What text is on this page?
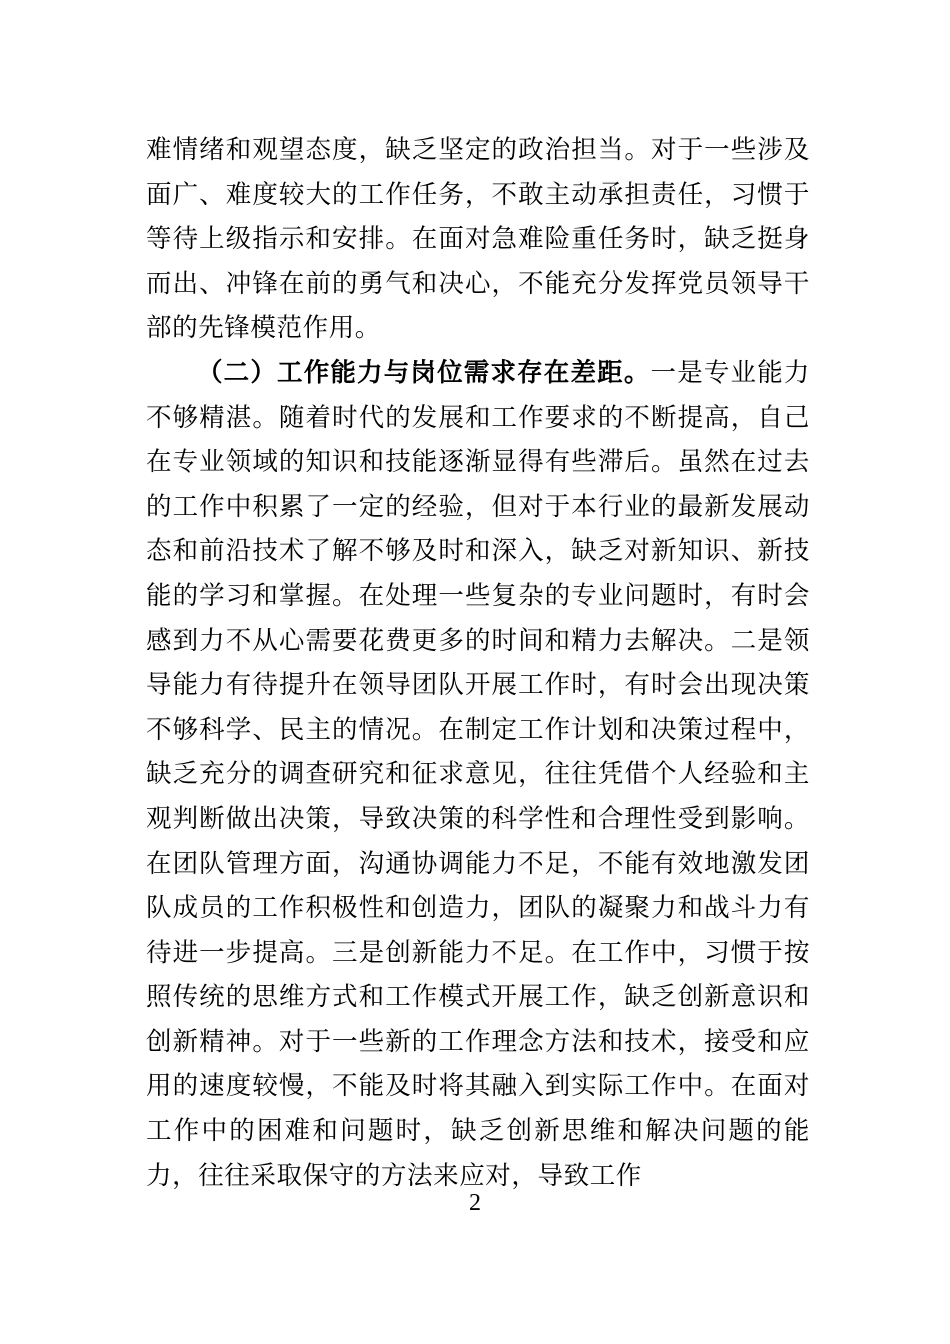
难情绪和观望态度，缺乏坚定的政治担当。对于一些涉及面广、难度较大的工作任务，不敢主动承担责任，习惯于等待上级指示和安排。在面对急难险重任务时，缺乏挺身而出、冲锋在前的勇气和决心，不能充分发挥党员领导干部的先锋模范作用。

（二）工作能力与岗位需求存在差距。一是专业能力不够精湛。随着时代的发展和工作要求的不断提高，自己在专业领域的知识和技能逐渐显得有些滞后。虽然在过去的工作中积累了一定的经验，但对于本行业的最新发展动态和前沿技术了解不够及时和深入，缺乏对新知识、新技能的学习和掌握。在处理一些复杂的专业问题时，有时会感到力不从心需要花费更多的时间和精力去解决。二是领导能力有待提升在领导团队开展工作时，有时会出现决策不够科学、民主的情况。在制定工作计划和决策过程中，缺乏充分的调查研究和征求意见，往往凭借个人经验和主观判断做出决策，导致决策的科学性和合理性受到影响。在团队管理方面，沟通协调能力不足，不能有效地激发团队成员的工作积极性和创造力，团队的凝聚力和战斗力有待进一步提高。三是创新能力不足。在工作中，习惯于按照传统的思维方式和工作模式开展工作，缺乏创新意识和创新精神。对于一些新的工作理念方法和技术，接受和应用的速度较慢，不能及时将其融入到实际工作中。在面对工作中的困难和问题时，缺乏创新思维和解决问题的能力，往往采取保守的方法来应对，导致工作

2
